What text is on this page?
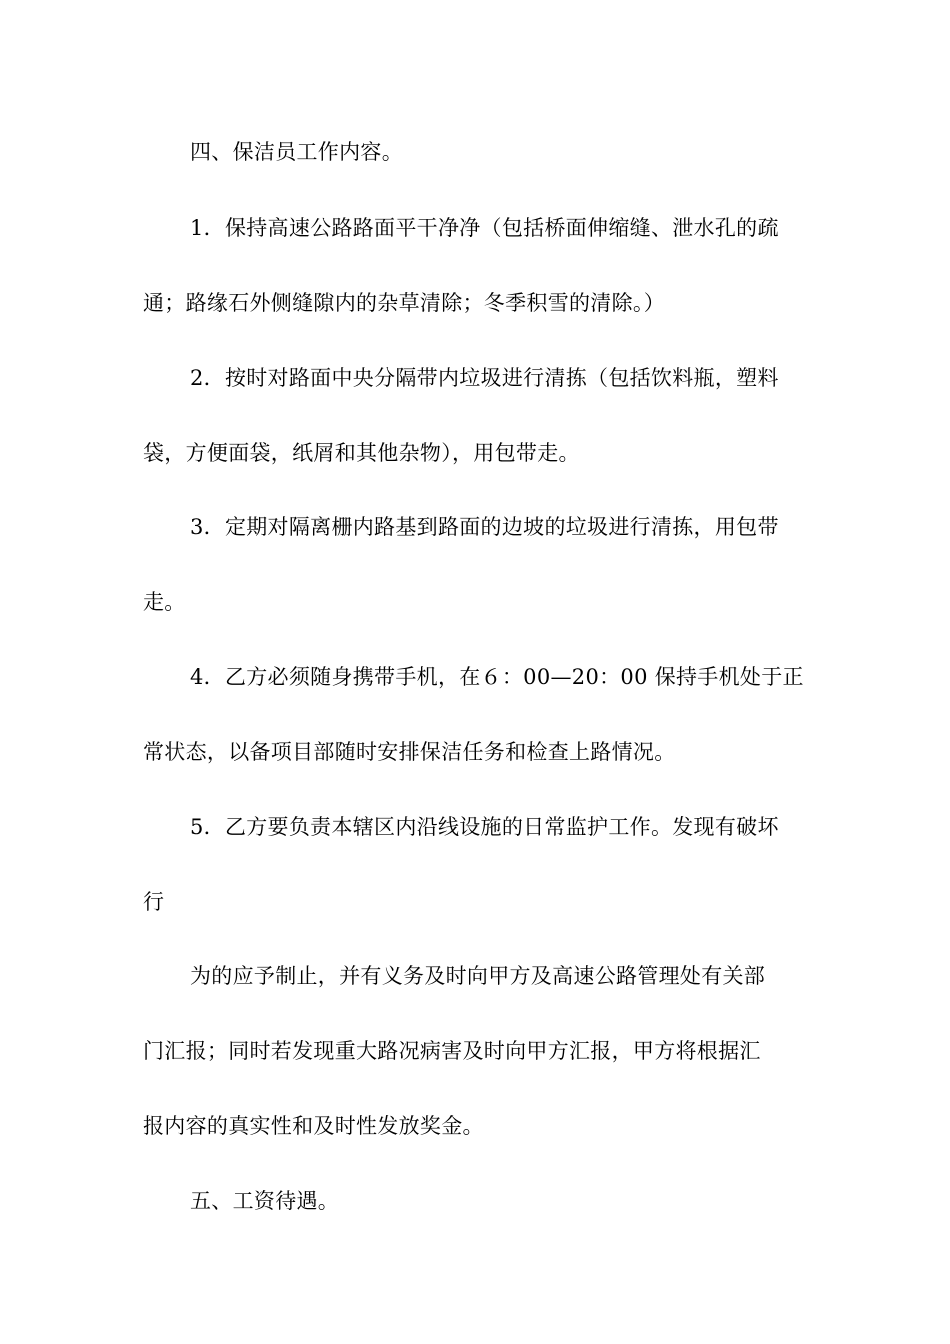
四、保洁员工作内容。
1．保持高速公路路面平干净净（包括桥面伸缩缝、泄水孔的疏
通；路缘石外侧缝隙内的杂草清除；冬季积雪的清除。）
2．按时对路面中央分隔带内垃圾进行清拣（包括饮料瓶，塑料
袋，方便面袋，纸屑和其他杂物），用包带走。
3．定期对隔离栅内路基到路面的边坡的垃圾进行清拣，用包带
走。
4．乙方必须随身携带手机，在６：00—20：00 保持手机处于正
常状态，以备项目部随时安排保洁任务和检查上路情况。
5．乙方要负责本辖区内沿线设施的日常监护工作。发现有破坏
行
为的应予制止，并有义务及时向甲方及高速公路管理处有关部
门汇报；同时若发现重大路况病害及时向甲方汇报，甲方将根据汇
报内容的真实性和及时性发放奖金。
五、工资待遇。
